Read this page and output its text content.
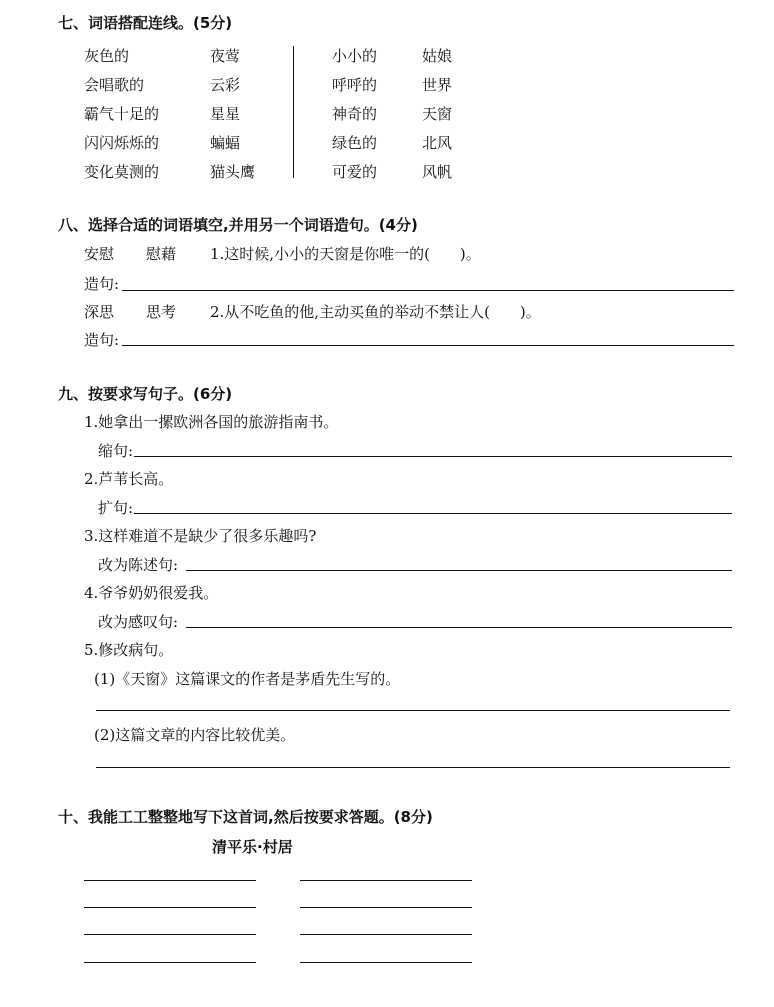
七、词语搭配连线。(5分)
灰色的
会唱歌的
霸气十足的
闪闪烁烁的
变化莫测的
夜莺
云彩
星星
蝙蝠
猫头鹰
小小的
呼呼的
神奇的
绿色的
可爱的
姑娘
世界
天窗
北风
风帆
八、选择合适的词语填空,并用另一个词语造句。(4分)
安慰 慰藉 1.这时候,小小的天窗是你唯一的(　　)。
造句:
深思 思考 2.从不吃鱼的他,主动买鱼的举动不禁让人(　　)。
造句:
九、按要求写句子。(6分)
1.她拿出一摞欧洲各国的旅游指南书。
缩句:
2.芦苇长高。
扩句:
3.这样难道不是缺少了很多乐趣吗?
改为陈述句:
4.爷爷奶奶很爱我。
改为感叹句:
5.修改病句。
(1)《天窗》这篇课文的作者是茅盾先生写的。
(2)这篇文章的内容比较优美。
十、我能工工整整地写下这首词,然后按要求答题。(8分)
清平乐·村居
